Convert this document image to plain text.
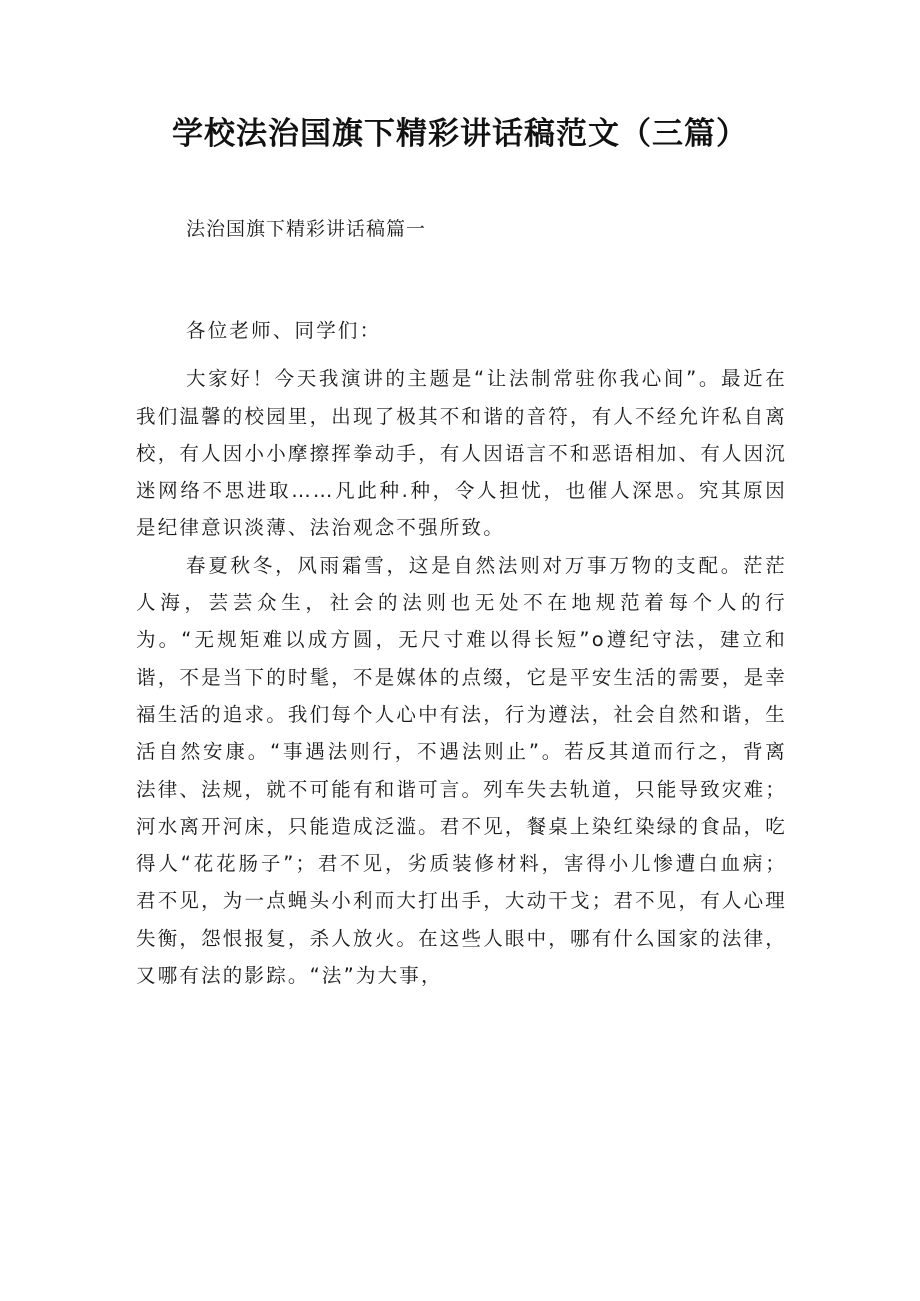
学校法治国旗下精彩讲话稿范文（三篇）

法治国旗下精彩讲话稿篇一

各位老师、同学们：

大家好！今天我演讲的主题是“让法制常驻你我心间”。最近在我们温馨的校园里，出现了极其不和谐的音符，有人不经允许私自离校，有人因小小摩擦挥拳动手，有人因语言不和恶语相加、有人因沉迷网络不思进取……凡此种.种，令人担忧，也催人深思。究其原因是纪律意识淡薄、法治观念不强所致。

春夏秋冬，风雨霜雪，这是自然法则对万事万物的支配。茫茫人海，芸芸众生，社会的法则也无处不在地规范着每个人的行为。“无规矩难以成方圆，无尺寸难以得长短”o遵纪守法，建立和谐，不是当下的时髦，不是媒体的点缀，它是平安生活的需要，是幸福生活的追求。我们每个人心中有法，行为遵法，社会自然和谐，生活自然安康。“事遇法则行，不遇法则止”。若反其道而行之，背离法律、法规，就不可能有和谐可言。列车失去轨道，只能导致灾难；河水离开河床，只能造成泛滥。君不见，餐桌上染红染绿的食品，吃得人“花花肠子”；君不见，劣质装修材料，害得小儿惨遭白血病；君不见，为一点蝇头小利而大打出手，大动干戈；君不见，有人心理失衡，怨恨报复，杀人放火。在这些人眼中，哪有什么国家的法律，又哪有法的影踪。“法”为大事，
